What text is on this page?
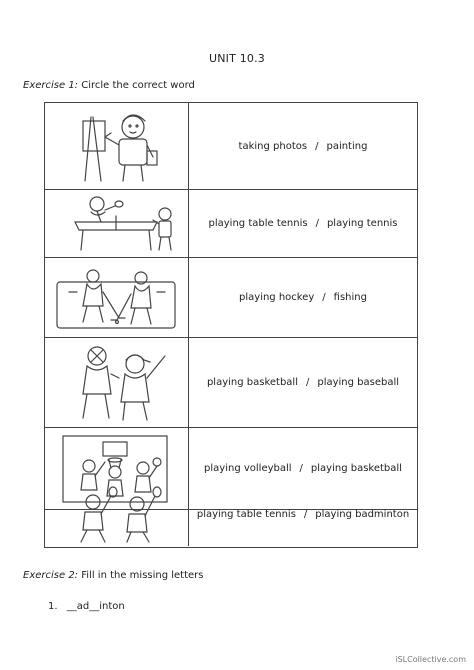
UNIT 10.3
Exercise 1: Circle the correct word
taking photos / painting
playing table tennis / playing tennis
playing hockey / fishing
playing basketball / playing baseball
playing volleyball / playing basketball
playing table tennis / playing badminton
Exercise 2: Fill in the missing letters
1. __ad__inton
iSLCollective.com
